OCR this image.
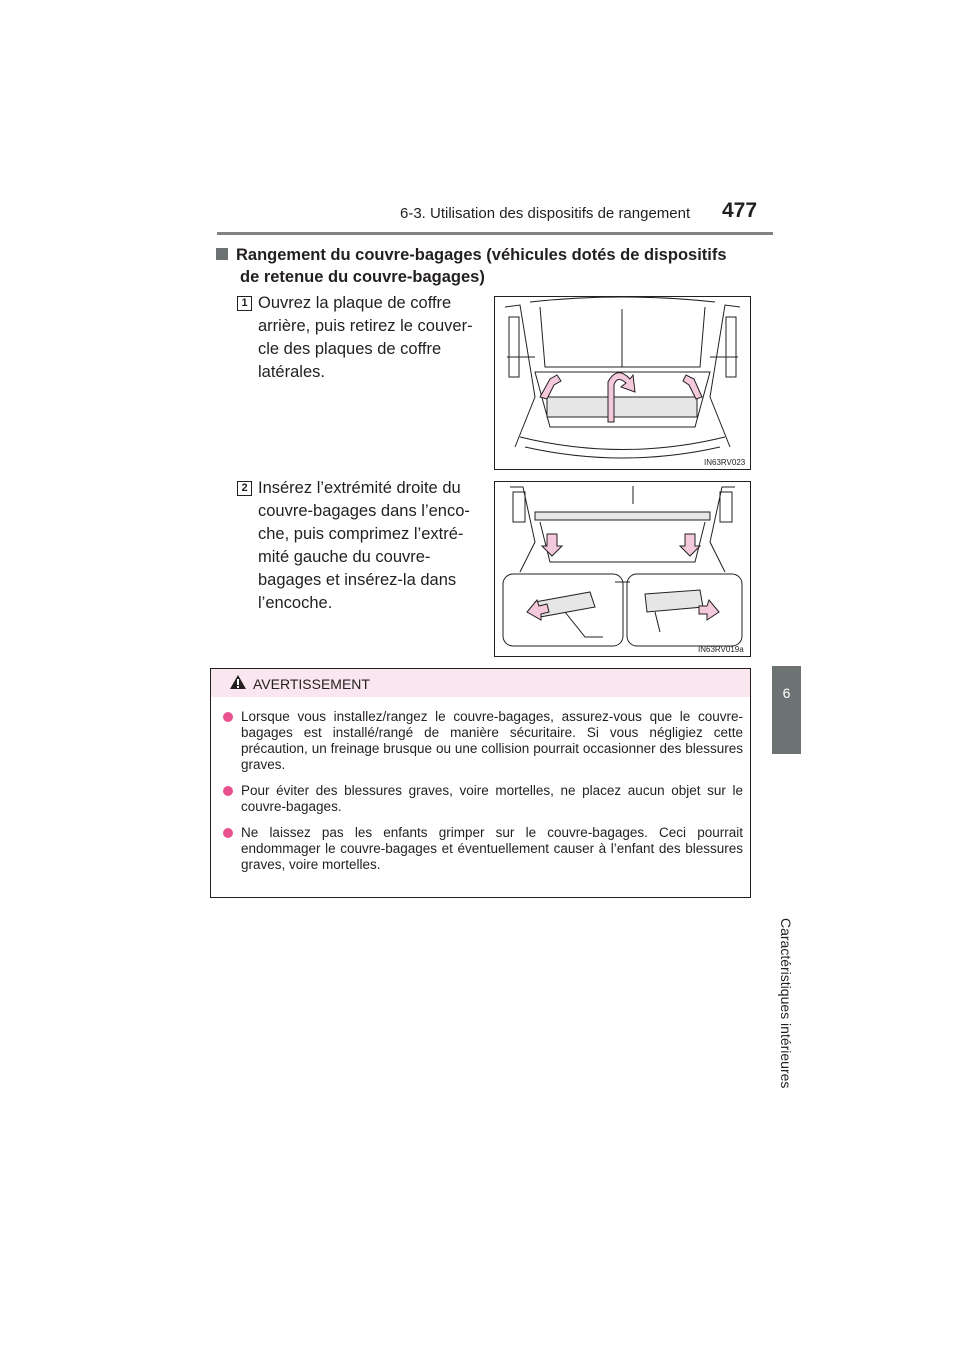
6-3. Utilisation des dispositifs de rangement 477
6
Caractéristiques intérieures
Rangement du couvre-bagages (véhicules dotés de dispositifs
de retenue du couvre-bagages)
1 Ouvrez la plaque de coffre
arrière, puis retirez le couver-
cle des plaques de coffre
latérales.
IN63RV023
2 Insérez l’extrémité droite du
couvre-bagages dans l’enco-
che, puis comprimez l’extré-
mité gauche du couvre-
bagages et insérez-la dans
l’encoche.
IN63RV019a
AVERTISSEMENT
Lorsque vous installez/rangez le couvre-bagages, assurez-vous que le couvre-bagages est installé/rangé de manière sécuritaire. Si vous négligiez cette précaution, un freinage brusque ou une collision pourrait occasionner des blessures graves.
Pour éviter des blessures graves, voire mortelles, ne placez aucun objet sur le couvre-bagages.
Ne laissez pas les enfants grimper sur le couvre-bagages. Ceci pourrait endommager le couvre-bagages et éventuellement causer à l’enfant des blessures graves, voire mortelles.
